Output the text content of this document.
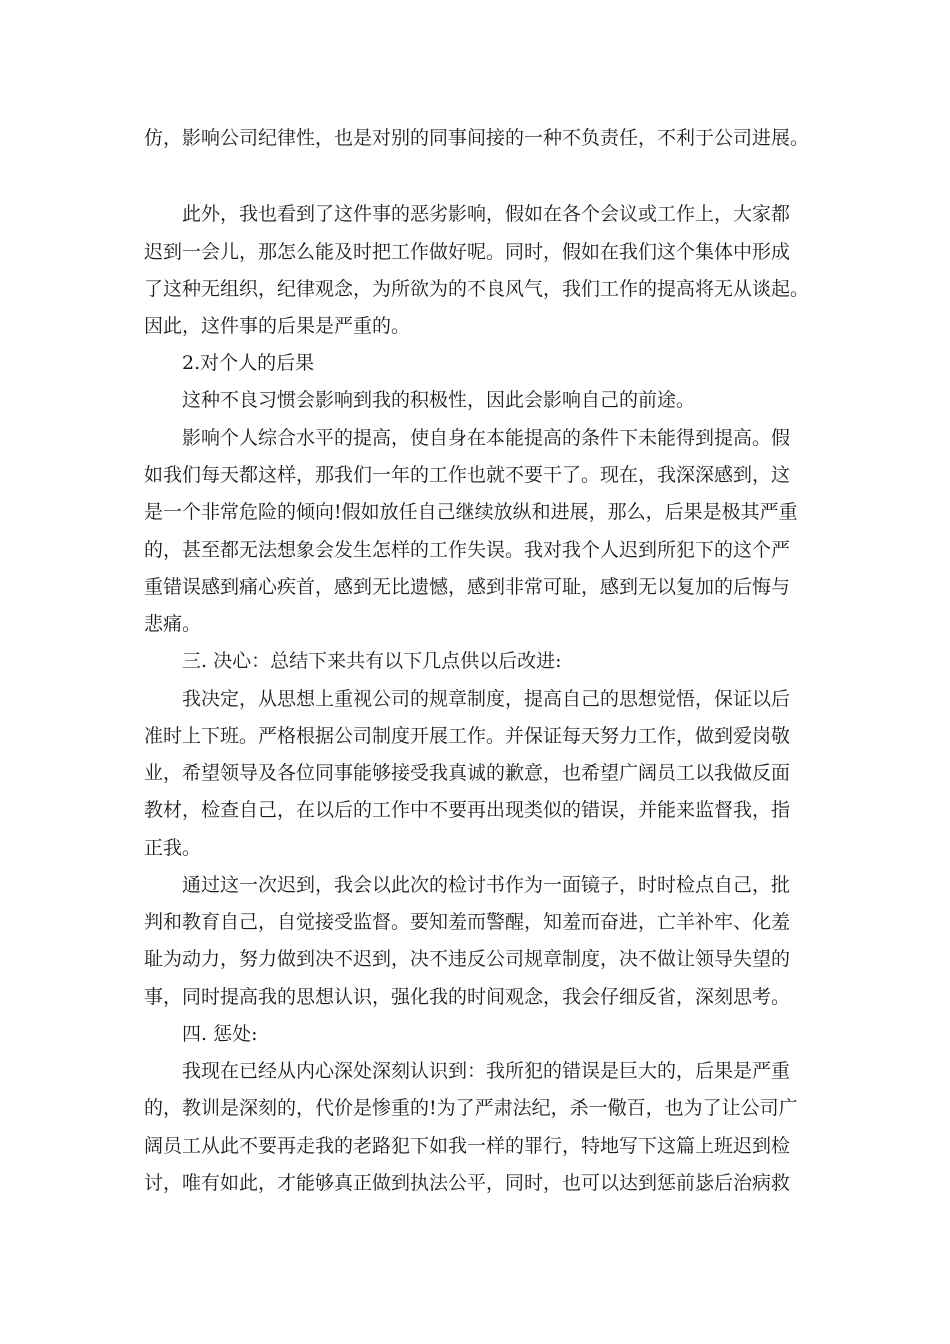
仿，影响公司纪律性，也是对别的同事间接的一种不负责任，不利于公司进展。
此外，我也看到了这件事的恶劣影响，假如在各个会议或工作上，大家都
迟到一会儿，那怎么能及时把工作做好呢。同时，假如在我们这个集体中形成
了这种无组织，纪律观念，为所欲为的不良风气，我们工作的提高将无从谈起。
因此，这件事的后果是严重的。
2.对个人的后果
这种不良习惯会影响到我的积极性，因此会影响自己的前途。
影响个人综合水平的提高，使自身在本能提高的条件下未能得到提高。假
如我们每天都这样，那我们一年的工作也就不要干了。现在，我深深感到，这
是一个非常危险的倾向!假如放任自己继续放纵和进展，那么，后果是极其严重
的，甚至都无法想象会发生怎样的工作失误。我对我个人迟到所犯下的这个严
重错误感到痛心疾首，感到无比遗憾，感到非常可耻，感到无以复加的后悔与
悲痛。
三. 决心：总结下来共有以下几点供以后改进:
我决定，从思想上重视公司的规章制度，提高自己的思想觉悟，保证以后
准时上下班。严格根据公司制度开展工作。并保证每天努力工作，做到爱岗敬
业，希望领导及各位同事能够接受我真诚的歉意，也希望广阔员工以我做反面
教材，检查自己，在以后的工作中不要再出现类似的错误，并能来监督我，指
正我。
通过这一次迟到，我会以此次的检讨书作为一面镜子，时时检点自己，批
判和教育自己，自觉接受监督。要知羞而警醒，知羞而奋进，亡羊补牢、化羞
耻为动力，努力做到决不迟到，决不违反公司规章制度，决不做让领导失望的
事，同时提高我的思想认识，强化我的时间观念，我会仔细反省，深刻思考。
四. 惩处:
我现在已经从内心深处深刻认识到：我所犯的错误是巨大的，后果是严重
的，教训是深刻的，代价是惨重的!为了严肃法纪，杀一儆百，也为了让公司广
阔员工从此不要再走我的老路犯下如我一样的罪行，特地写下这篇上班迟到检
讨，唯有如此，才能够真正做到执法公平，同时，也可以达到惩前毖后治病救
